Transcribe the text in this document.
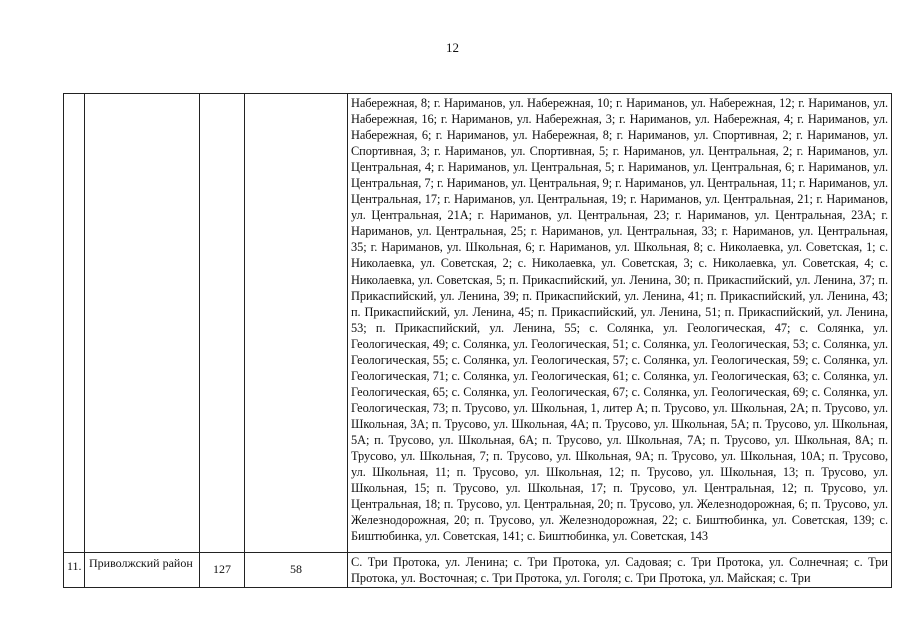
12

				Набережная, 8; г. Нариманов, ул. Набережная, 10; г. Нариманов, ул. Набережная, 12; г. Нариманов, ул. Набережная, 16; г. Нариманов, ул. Набережная, 3; г. Нариманов, ул. Набережная, 4; г. Нариманов, ул. Набережная, 6; г. Нариманов, ул. Набережная, 8; г. Нариманов, ул. Спортивная, 2; г. Нариманов, ул. Спортивная, 3; г. Нариманов, ул. Спортивная, 5; г. Нариманов, ул. Центральная, 2; г. Нариманов, ул. Центральная, 4; г. Нариманов, ул. Центральная, 5; г. Нариманов, ул. Центральная, 6; г. Нариманов, ул. Центральная, 7; г. Нариманов, ул. Центральная, 9; г. Нариманов, ул. Центральная, 11; г. Нариманов, ул. Центральная, 17; г. Нариманов, ул. Центральная, 19; г. Нариманов, ул. Центральная, 21; г. Нариманов, ул. Центральная, 21А; г. Нариманов, ул. Центральная, 23; г. Нариманов, ул. Центральная, 23А; г. Нариманов, ул. Центральная, 25; г. Нариманов, ул. Центральная, 33; г. Нариманов, ул. Центральная, 35; г. Нариманов, ул. Школьная, 6; г. Нариманов, ул. Школьная, 8; с. Николаевка, ул. Советская, 1; с. Николаевка, ул. Советская, 2; с. Николаевка, ул. Советская, 3; с. Николаевка, ул. Советская, 4; с. Николаевка, ул. Советская, 5; п. Прикаспийский, ул. Ленина, 30; п. Прикаспийский, ул. Ленина, 37; п. Прикаспийский, ул. Ленина, 39; п. Прикаспийский, ул. Ленина, 41; п. Прикаспийский, ул. Ленина, 43; п. Прикаспийский, ул. Ленина, 45; п. Прикаспийский, ул. Ленина, 51; п. Прикаспийский, ул. Ленина, 53; п. Прикаспийский, ул. Ленина, 55; с. Солянка, ул. Геологическая, 47; с. Солянка, ул. Геологическая, 49; с. Солянка, ул. Геологическая, 51; с. Солянка, ул. Геологическая, 53; с. Солянка, ул. Геологическая, 55; с. Солянка, ул. Геологическая, 57; с. Солянка, ул. Геологическая, 59; с. Солянка, ул. Геологическая, 71; с. Солянка, ул. Геологическая, 61; с. Солянка, ул. Геологическая, 63; с. Солянка, ул. Геологическая, 65; с. Солянка, ул. Геологическая, 67; с. Солянка, ул. Геологическая, 69; с. Солянка, ул. Геологическая, 73; п. Трусово, ул. Школьная, 1, литер А; п. Трусово, ул. Школьная, 2А; п. Трусово, ул. Школьная, 3А; п. Трусово, ул. Школьная, 4А; п. Трусово, ул. Школьная, 5А; п. Трусово, ул. Школьная, 5А; п. Трусово, ул. Школьная, 6А; п. Трусово, ул. Школьная, 7А; п. Трусово, ул. Школьная, 8А; п. Трусово, ул. Школьная, 7; п. Трусово, ул. Школьная, 9А; п. Трусово, ул. Школьная, 10А; п. Трусово, ул. Школьная, 11; п. Трусово, ул. Школьная, 12; п. Трусово, ул. Школьная, 13; п. Трусово, ул. Школьная, 15; п. Трусово, ул. Школьная, 17; п. Трусово, ул. Центральная, 12; п. Трусово, ул. Центральная, 18; п. Трусово, ул. Центральная, 20; п. Трусово, ул. Железнодорожная, 6; п. Трусово, ул. Железнодорожная, 20; п. Трусово, ул. Железнодорожная, 22; с. Биштюбинка, ул. Советская, 139; с. Биштюбинка, ул. Советская, 141; с. Биштюбинка, ул. Советская, 143

11.	Приволжский район	127	58	С. Три Протока, ул. Ленина; с. Три Протока, ул. Садовая; с. Три Протока, ул. Солнечная; с. Три Протока, ул. Восточная; с. Три Протока, ул. Гоголя; с. Три Протока, ул. Майская; с. Три
